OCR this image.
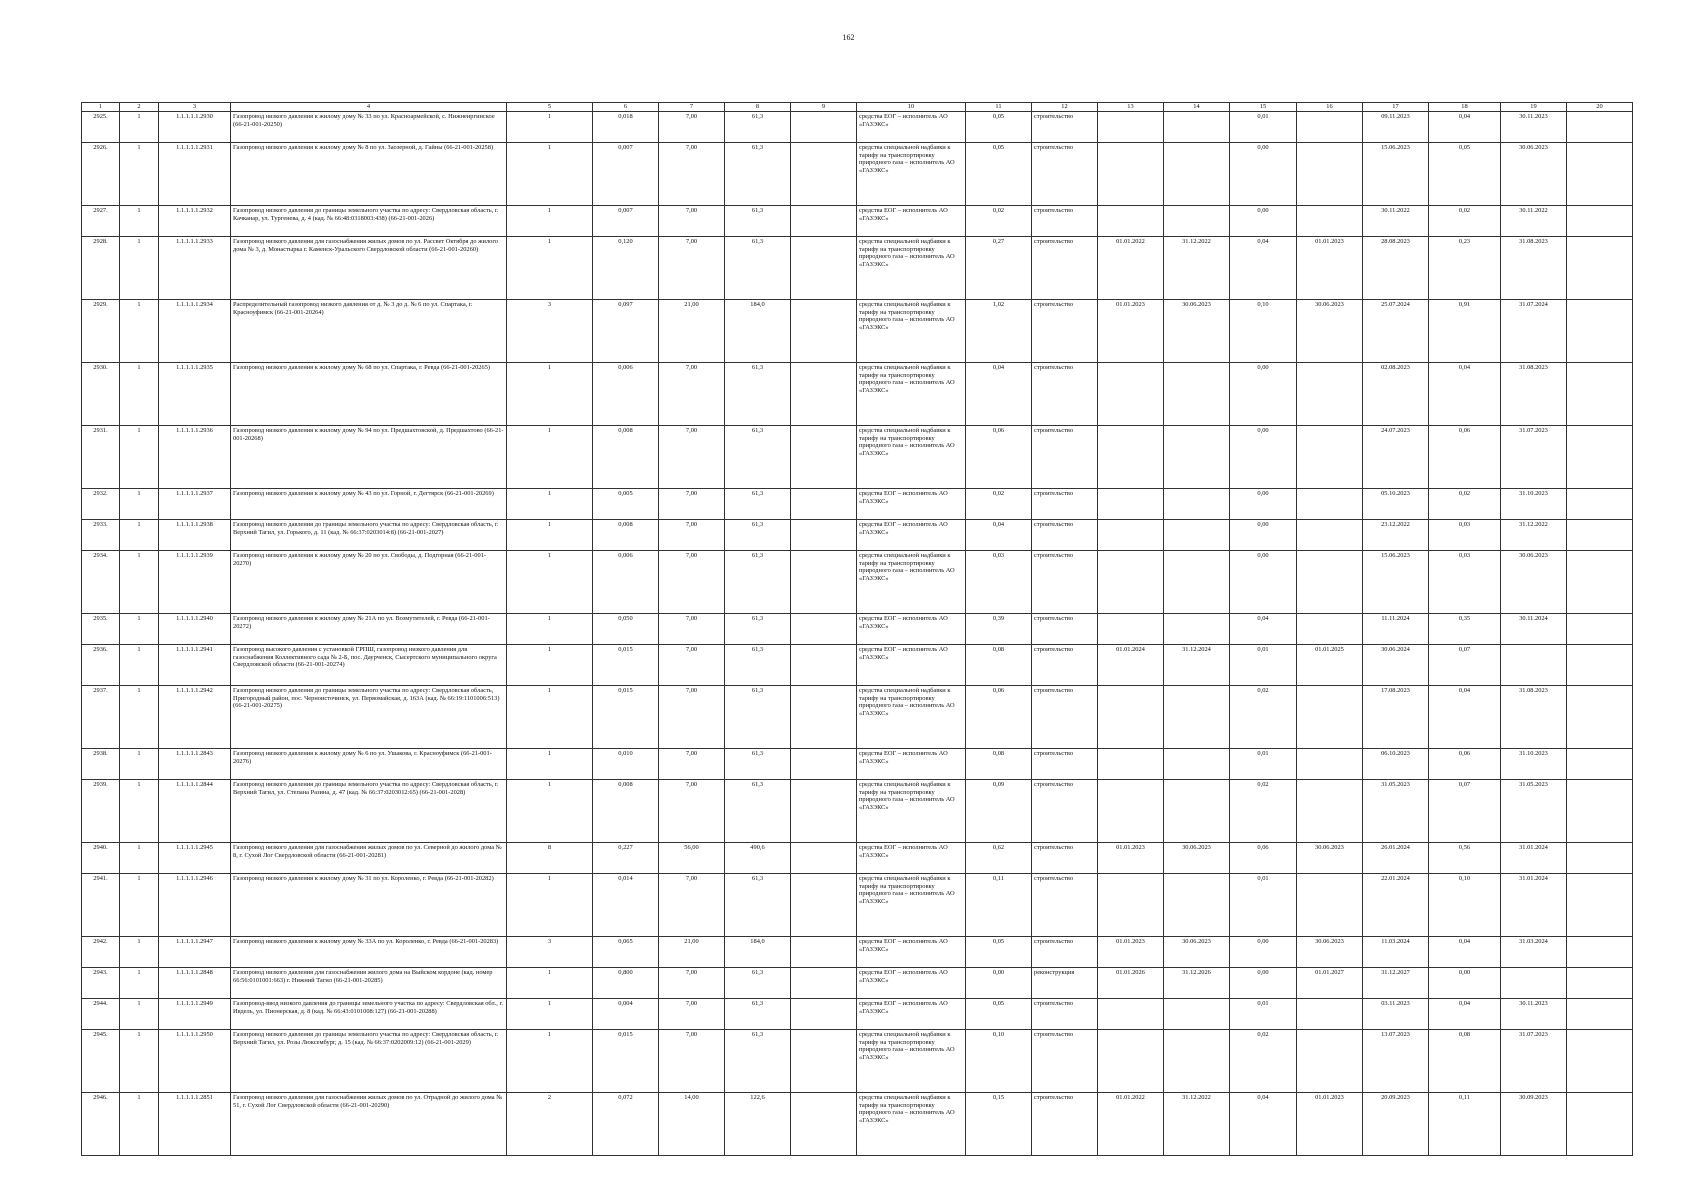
162
1	2	3	4	5	6	7	8	9	10	11	12	13	14	15	16	17	18	19	20
2925.	1	1.1.1.1.1.2930	Газопровод низкого давления к жилому дому № 33 по ул. Красноармейской, с. Нижнеиргинское (66-21-001-20250)	1	0,018	7,00	61,3		средства ЕОГ – исполнитель АО «ГАЗЭКС»	0,05	строительство			0,01		09.11.2023	0,04	30.11.2023	
2926.	1	1.1.1.1.1.2931	Газопровод низкого давления к жилому дому № 8 по ул. Заозерной, д. Гайны (66-21-001-20258)	1	0,007	7,00	61,3		средства специальной надбавки к тарифу на транспортировку природного газа – исполнитель АО «ГАЗЭКС»	0,05	строительство			0,00		15.06.2023	0,05	30.06.2023	
2927.	1	1.1.1.1.1.2932	Газопровод низкого давления до границы земельного участка по адресу: Свердловская область, г. Качканар, ул. Тургенева, д. 4 (кад. № 66:48:0318003:438) (66-21-001-2026)	1	0,007	7,00	61,3		средства ЕОГ – исполнитель АО «ГАЗЭКС»	0,02	строительство			0,00		30.11.2022	0,02	30.11.2022	
2928.	1	1.1.1.1.1.2933	Газопровод низкого давления для газоснабжения жилых домов по ул. Рассвет Октября до жилого дома № 3, д. Монастырка г. Каменск-Уральского Свердловской области (66-21-001-20260)	1	0,120	7,00	61,3		средства специальной надбавки к тарифу на транспортировку природного газа – исполнитель АО «ГАЗЭКС»	0,27	строительство	01.01.2022	31.12.2022	0,04	01.01.2023	28.08.2023	0,23	31.08.2023	
2929.	1	1.1.1.1.1.2934	Распределительный газопровод низкого давления от д. № 3 до д. № 6 по ул. Спартака, г. Красноуфимск (66-21-001-20264)	3	0,097	21,00	184,0		средства специальной надбавки к тарифу на транспортировку природного газа – исполнитель АО «ГАЗЭКС»	1,02	строительство	01.01.2023	30.06.2023	0,10	30.06.2023	25.07.2024	0,91	31.07.2024	
2930.	1	1.1.1.1.1.2935	Газопровод низкого давления к жилому дому № 68 по ул. Спартака, г. Ревда (66-21-001-20265)	1	0,006	7,00	61,3		средства специальной надбавки к тарифу на транспортировку природного газа – исполнитель АО «ГАЗЭКС»	0,04	строительство			0,00		02.08.2023	0,04	31.08.2023	
2931.	1	1.1.1.1.1.2936	Газопровод низкого давления к жилому дому № 94 по ул. Предшахтовской, д. Предшахтово (66-21-001-20268)	1	0,008	7,00	61,3		средства специальной надбавки к тарифу на транспортировку природного газа – исполнитель АО «ГАЗЭКС»	0,06	строительство			0,00		24.07.2023	0,06	31.07.2023	
2932.	1	1.1.1.1.1.2937	Газопровод низкого давления к жилому дому № 43 по ул. Горной, г. Дегтярск (66-21-001-20269)	1	0,005	7,00	61,3		средства ЕОГ – исполнитель АО «ГАЗЭКС»	0,02	строительство			0,00		05.10.2023	0,02	31.10.2023	
2933.	1	1.1.1.1.1.2938	Газопровод низкого давления до границы земельного участка по адресу: Свердловская область, г. Верхний Тагил, ул. Горького, д. 11 (кад. № 66:37:0203014:8) (66-21-001-2027)	1	0,008	7,00	61,3		средства ЕОГ – исполнитель АО «ГАЗЭКС»	0,04	строительство			0,00		23.12.2022	0,03	31.12.2022	
2934.	1	1.1.1.1.1.2939	Газопровод низкого давления к жилому дому № 20 по ул. Свободы, д. Подгорная (66-21-001-20270)	1	0,006	7,00	61,3		средства специальной надбавки к тарифу на транспортировку природного газа – исполнитель АО «ГАЗЭКС»	0,03	строительство			0,00		15.06.2023	0,03	30.06.2023	
2935.	1	1.1.1.1.1.2940	Газопровод низкого давления к жилому дому № 21А по ул. Возмутителей, г. Ревда (66-21-001-20272)	1	0,050	7,00	61,3		средства ЕОГ – исполнитель АО «ГАЗЭКС»	0,39	строительство			0,04		11.11.2024	0,35	30.11.2024	
2936.	1	1.1.1.1.1.2941	Газопровод высокого давления с установкой ГРПШ, газопровод низкого давления для газоснабжения Коллективного сада № 2-Б, пос. Даурченск, Сысертского муниципального округа Свердловской области (66-21-001-20274)	1	0,015	7,00	61,3		средства ЕОГ – исполнитель АО «ГАЗЭКС»	0,08	строительство	01.01.2024	31.12.2024	0,01	01.01.2025	30.06.2024	0,07		
2937.	1	1.1.1.1.1.2942	Газопровод низкого давления до границы земельного участка по адресу: Свердловская область, Пригородный район, пос. Черноисточинск, ул. Первомайская, д. 163А (кад. № 66:19:1101006:513) (66-21-001-20275)	1	0,015	7,00	61,3		средства специальной надбавки к тарифу на транспортировку природного газа – исполнитель АО «ГАЗЭКС»	0,06	строительство			0,02		17.08.2023	0,04	31.08.2023	
2938.	1	1.1.1.1.1.2843	Газопровод низкого давления к жилому дому № 6 по ул. Ушакова, г. Красноуфимск (66-21-001-20276)	1	0,010	7,00	61,3		средства ЕОГ – исполнитель АО «ГАЗЭКС»	0,08	строительство			0,01		06.10.2023	0,06	31.10.2023	
2939.	1	1.1.1.1.1.2844	Газопровод низкого давления до границы земельного участка по адресу: Свердловская область, г. Верхний Тагил, ул. Степана Разина, д. 47 (кад. № 66:37:0203012:65) (66-21-001-2028)	1	0,008	7,00	61,3		средства специальной надбавки к тарифу на транспортировку природного газа – исполнитель АО «ГАЗЭКС»	0,09	строительство			0,02		31.05.2023	0,07	31.05.2023	
2940.	1	1.1.1.1.1.2945	Газопровод низкого давления для газоснабжения жилых домов по ул. Северной до жилого дома № 8, г. Сухой Лог Свердловской области (66-21-001-20281)	8	0,227	56,00	490,6		средства ЕОГ – исполнитель АО «ГАЗЭКС»	0,62	строительство	01.01.2023	30.06.2023	0,06	30.06.2023	26.01.2024	0,56	31.01.2024	
2941.	1	1.1.1.1.1.2946	Газопровод низкого давления к жилому дому № 31 по ул. Короленко, г. Ревда (66-21-001-20282)	1	0,014	7,00	61,3		средства специальной надбавки к тарифу на транспортировку природного газа – исполнитель АО «ГАЗЭКС»	0,11	строительство			0,01		22.01.2024	0,10	31.01.2024	
2942.	1	1.1.1.1.1.2947	Газопровод низкого давления к жилому дому № 33А по ул. Короленко, г. Ревда (66-21-001-20283)	3	0,065	21,00	184,0		средства ЕОГ – исполнитель АО «ГАЗЭКС»	0,05	строительство	01.01.2023	30.06.2023	0,00	30.06.2023	11.03.2024	0,04	31.03.2024	
2943.	1	1.1.1.1.1.2848	Газопровод низкого давления для газоснабжения жилого дома на Выйском кордоне (кад. номер 66:56:0101001:663) г. Нижний Тагил (66-21-001-20285)	1	0,800	7,00	61,3		средства ЕОГ – исполнитель АО «ГАЗЭКС»	0,00	реконструкция	01.01.2026	31.12.2026	0,00	01.01.2027	31.12.2027	0,00		
2944.	1	1.1.1.1.1.2949	Газопровод-ввод низкого давления до границы земельного участка по адресу: Свердловская обл., г. Ивдель, ул. Пионерская, д. 8 (кад. № 66:43:0101008:127) (66-21-001-20288)	1	0,004	7,00	61,3		средства ЕОГ – исполнитель АО «ГАЗЭКС»	0,05	строительство			0,01		03.11.2023	0,04	30.11.2023	
2945.	1	1.1.1.1.1.2950	Газопровод низкого давления до границы земельного участка по адресу: Свердловская область, г. Верхний Тагил, ул. Розы Люксембург, д. 15 (кад. № 66:37:0202009:12) (66-21-001-2029)	1	0,015	7,00	61,3		средства специальной надбавки к тарифу на транспортировку природного газа – исполнитель АО «ГАЗЭКС»	0,10	строительство			0,02		13.07.2023	0,08	31.07.2023	
2946.	1	1.1.1.1.1.2851	Газопровод низкого давления для газоснабжения жилых домов по ул. Отрадной до жилого дома № 51, г. Сухой Лог Свердловской области (66-21-001-20290)	2	0,072	14,00	122,6		средства специальной надбавки к тарифу на транспортировку природного газа – исполнитель АО «ГАЗЭКС»	0,15	строительство	01.01.2022	31.12.2022	0,04	01.01.2023	20.09.2023	0,11	30.09.2023	
